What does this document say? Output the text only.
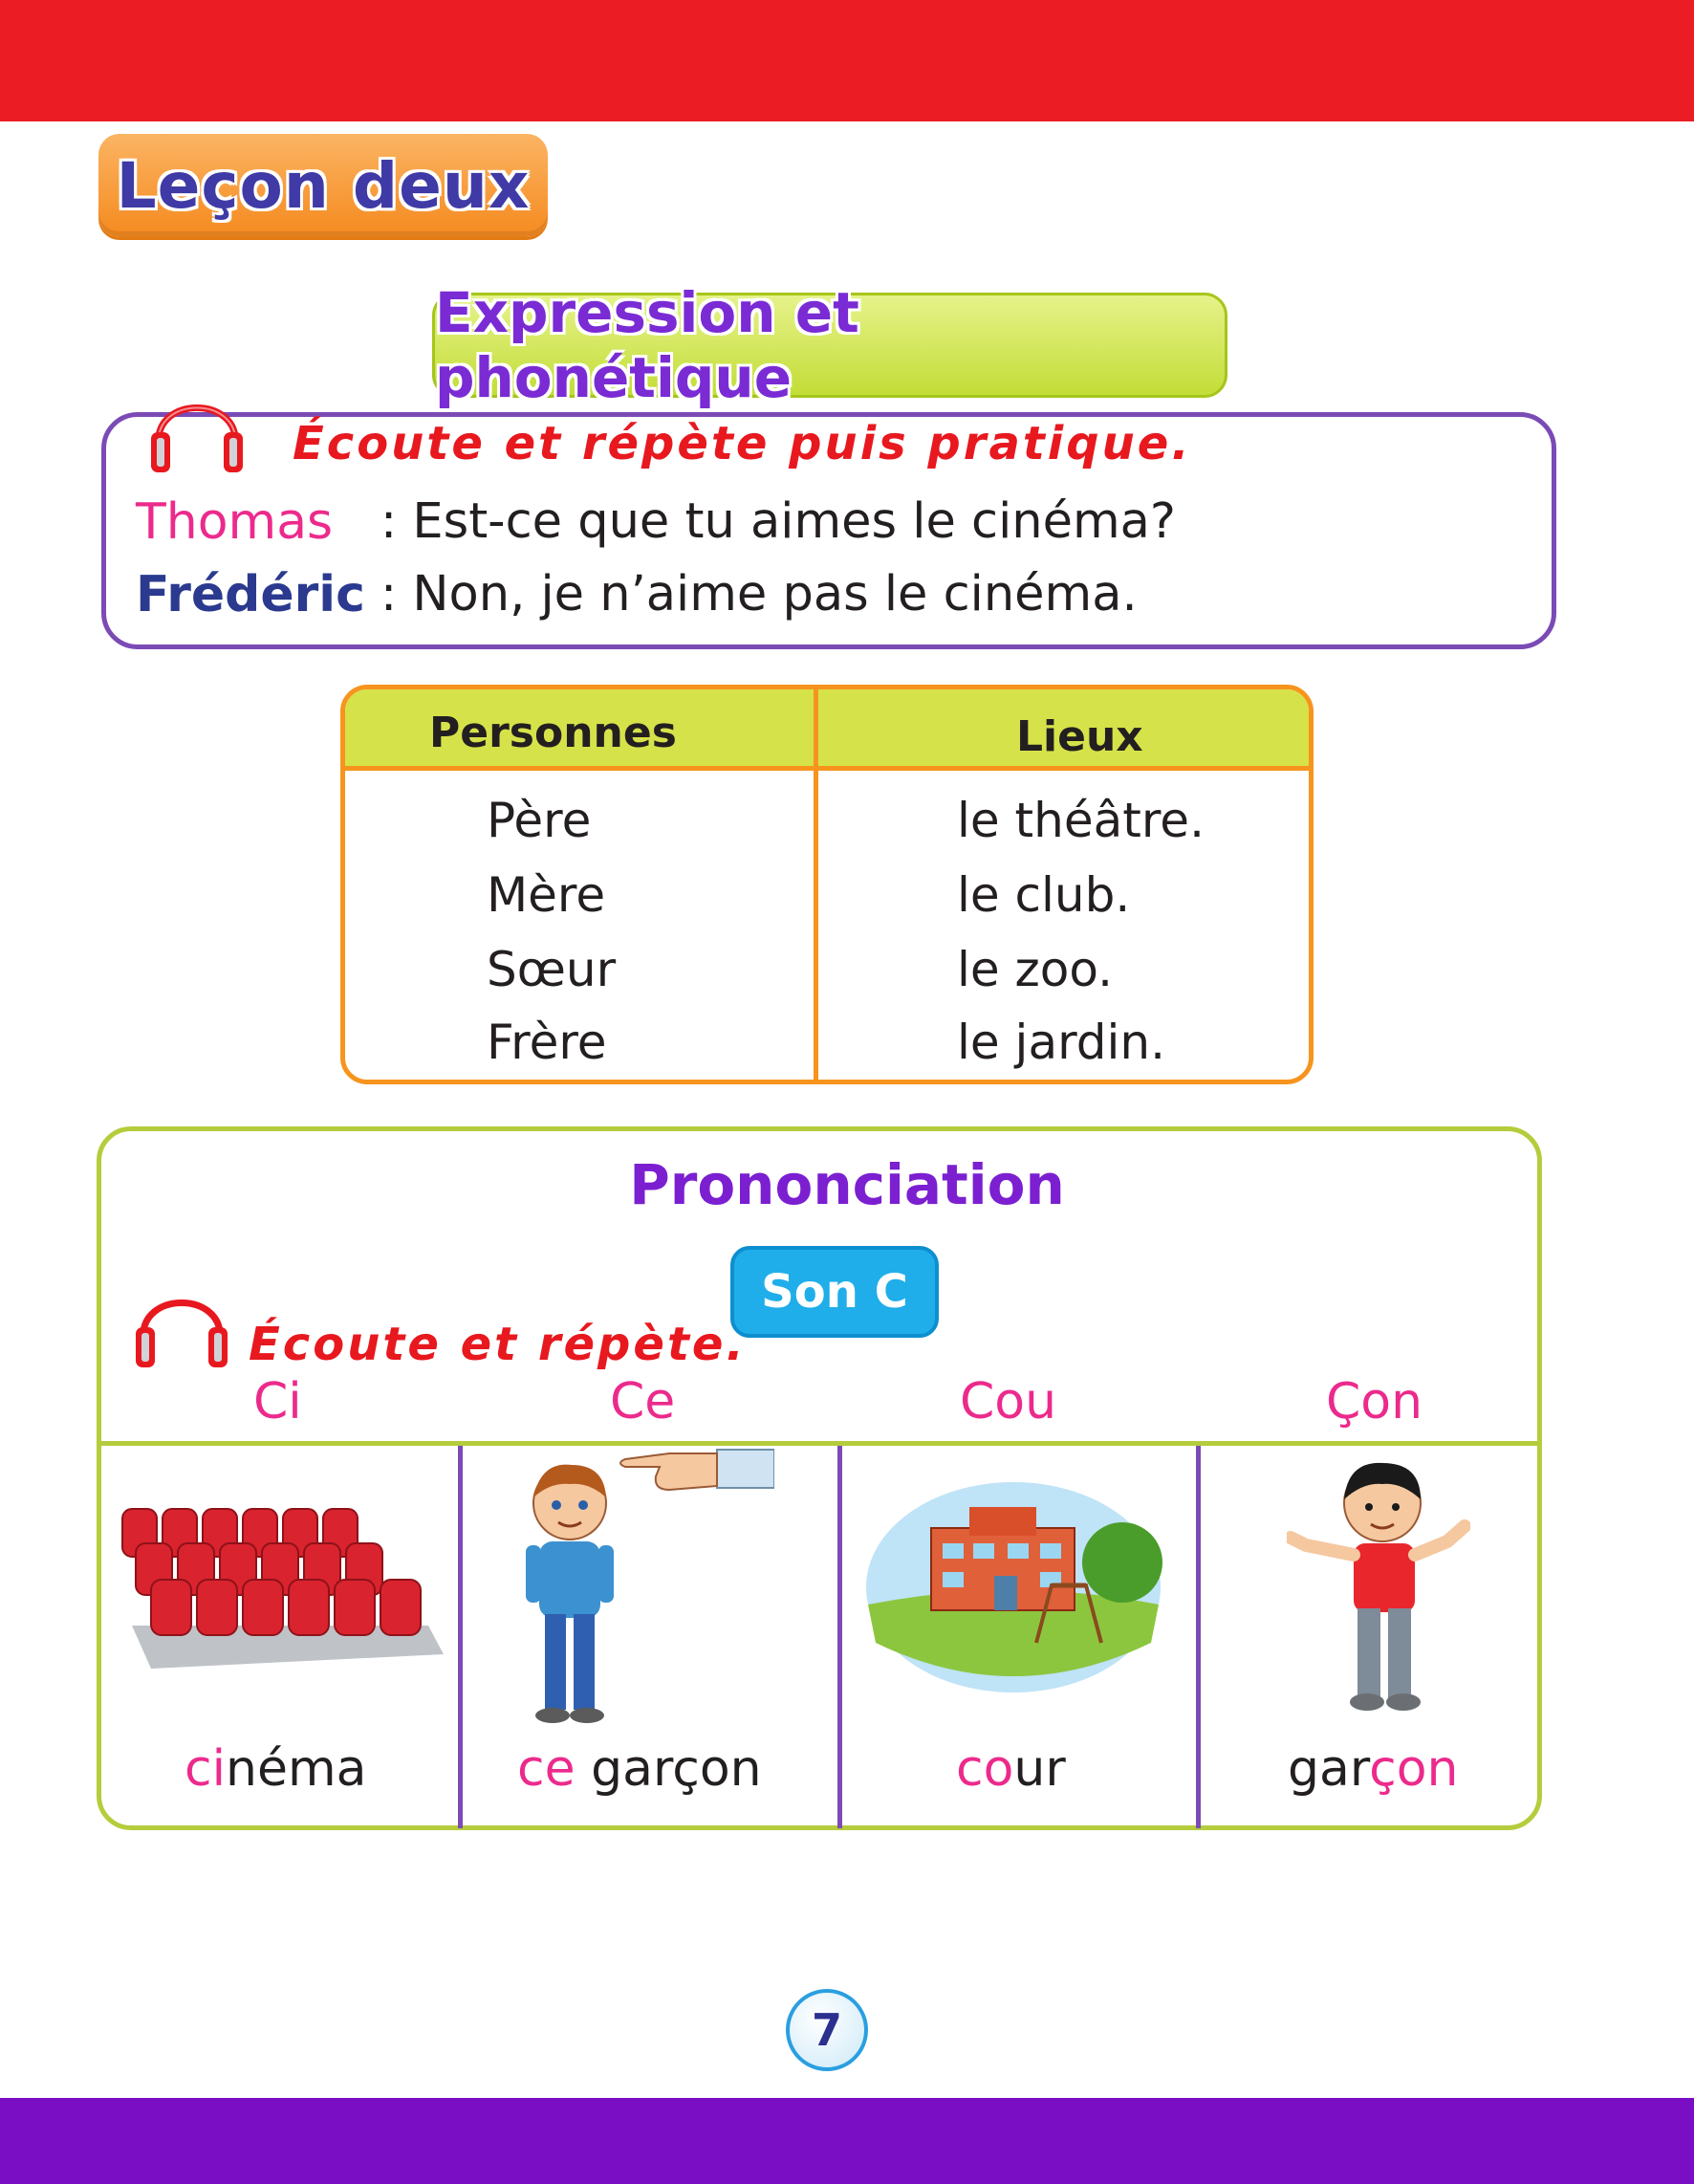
Leçon deux
Expression et phonétique
Écoute et répète puis pratique.
Thomas : Est-ce que tu aimes le cinéma?
Frédéric : Non, je n’aime pas le cinéma.
Personnes	Lieux
Père	le théâtre.
Mère	le club.
Sœur	le zoo.
Frère	le jardin.
Prononciation
Son C
Écoute et répète.
Ci	Ce	Cou	Çon
cinéma	ce garçon	cour	garçon
7
